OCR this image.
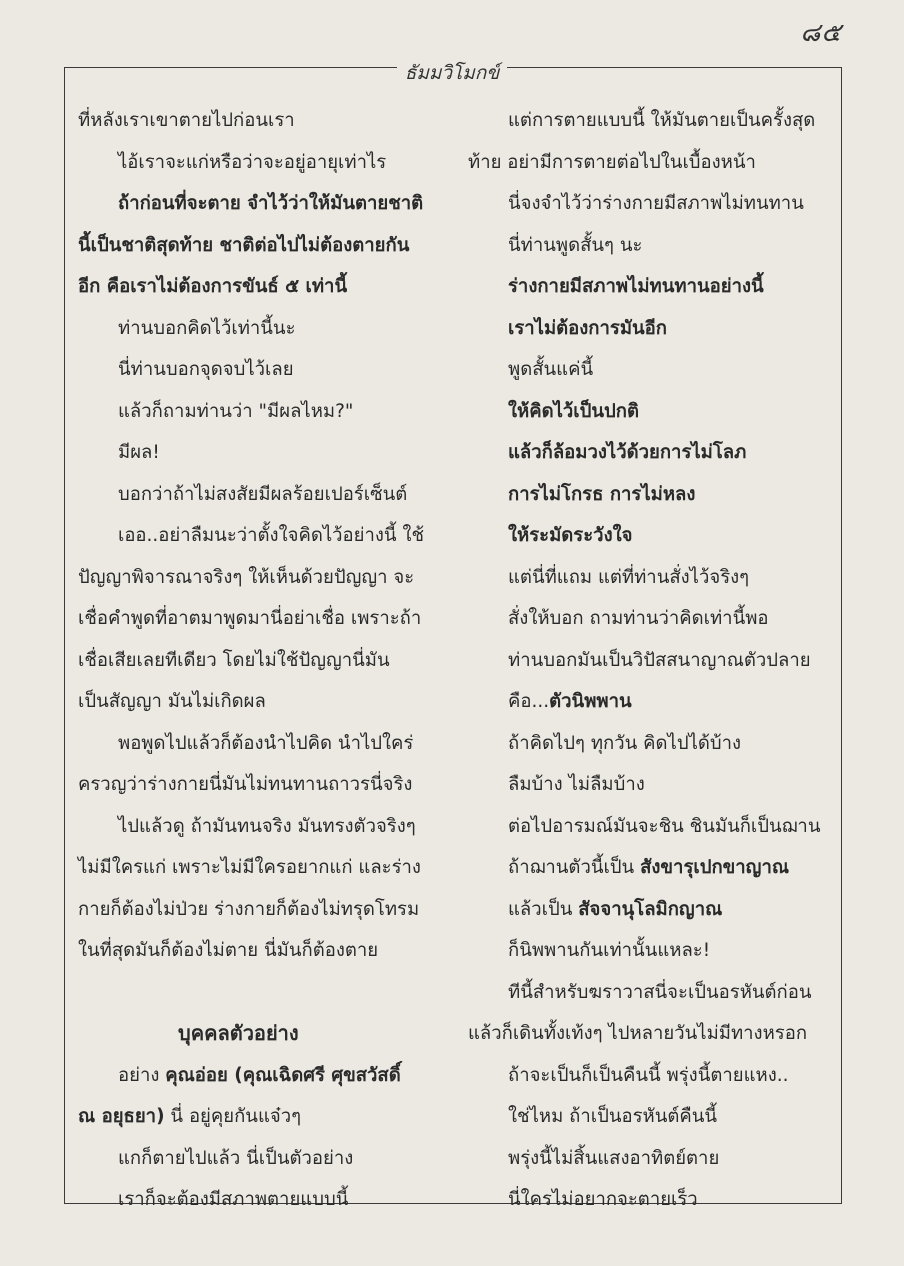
๘๕
ธัมมวิโมกข์
ที่หลังเราเขาตายไปก่อนเรา
ไอ้เราจะแก่หรือว่าจะอยู่อายุเท่าไร
ถ้าก่อนที่จะตาย จำไว้ว่าให้มันตายชาติ
นี้เป็นชาติสุดท้าย ชาติต่อไปไม่ต้องตายกัน
อีก คือเราไม่ต้องการขันธ์ ๕ เท่านี้
ท่านบอกคิดไว้เท่านี้นะ
นี่ท่านบอกจุดจบไว้เลย
แล้วก็ถามท่านว่า "มีผลไหม?"
มีผล!
บอกว่าถ้าไม่สงสัยมีผลร้อยเปอร์เซ็นต์
เออ..อย่าลืมนะว่าตั้งใจคิดไว้อย่างนี้ ใช้
ปัญญาพิจารณาจริงๆ ให้เห็นด้วยปัญญา จะ
เชื่อคำพูดที่อาตมาพูดมานี่อย่าเชื่อ เพราะถ้า
เชื่อเสียเลยทีเดียว โดยไม่ใช้ปัญญานี่มัน
เป็นสัญญา มันไม่เกิดผล
พอพูดไปแล้วก็ต้องนำไปคิด นำไปใคร่
ครวญว่าร่างกายนี่มันไม่ทนทานถาวรนี่จริง
ไปแล้วดู ถ้ามันทนจริง มันทรงตัวจริงๆ
ไม่มีใครแก่ เพราะไม่มีใครอยากแก่ และร่าง
กายก็ต้องไม่ป่วย ร่างกายก็ต้องไม่ทรุดโทรม
ในที่สุดมันก็ต้องไม่ตาย นี่มันก็ต้องตาย
บุคคลตัวอย่าง
อย่าง คุณอ่อย (คุณเฉิดศรี ศุขสวัสดิ์
ณ อยุธยา) นี่ อยู่คุยกันแจ๋วๆ
แกก็ตายไปแล้ว นี่เป็นตัวอย่าง
เราก็จะต้องมีสภาพตายแบบนี้
แต่การตายแบบนี้ ให้มันตายเป็นครั้งสุด
ท้าย อย่ามีการตายต่อไปในเบื้องหน้า
นี่จงจำไว้ว่าร่างกายมีสภาพไม่ทนทาน
นี่ท่านพูดสั้นๆ นะ
ร่างกายมีสภาพไม่ทนทานอย่างนี้
เราไม่ต้องการมันอีก
พูดสั้นแค่นี้
ให้คิดไว้เป็นปกติ
แล้วก็ล้อมวงไว้ด้วยการไม่โลภ
การไม่โกรธ การไม่หลง
ให้ระมัดระวังใจ
แต่นี่ที่แถม แต่ที่ท่านสั่งไว้จริงๆ
สั่งให้บอก ถามท่านว่าคิดเท่านี้พอ
ท่านบอกมันเป็นวิปัสสนาญาณตัวปลาย
คือ...ตัวนิพพาน
ถ้าคิดไปๆ ทุกวัน คิดไปได้บ้าง
ลืมบ้าง ไม่ลืมบ้าง
ต่อไปอารมณ์มันจะชิน ชินมันก็เป็นฌาน
ถ้าฌานตัวนี้เป็น สังขารุเปกขาญาณ
แล้วเป็น สัจจานุโลมิกญาณ
ก็นิพพานกันเท่านั้นแหละ!
ทีนี้สำหรับฆราวาสนี่จะเป็นอรหันต์ก่อน
แล้วก็เดินทั้งเท้งๆ ไปหลายวันไม่มีทางหรอก
ถ้าจะเป็นก็เป็นคืนนี้ พรุ่งนี้ตายแหง..
ใช่ไหม ถ้าเป็นอรหันต์คืนนี้
พรุ่งนี้ไม่สิ้นแสงอาทิตย์ตาย
นี่ใครไม่อยากจะตายเร็ว
